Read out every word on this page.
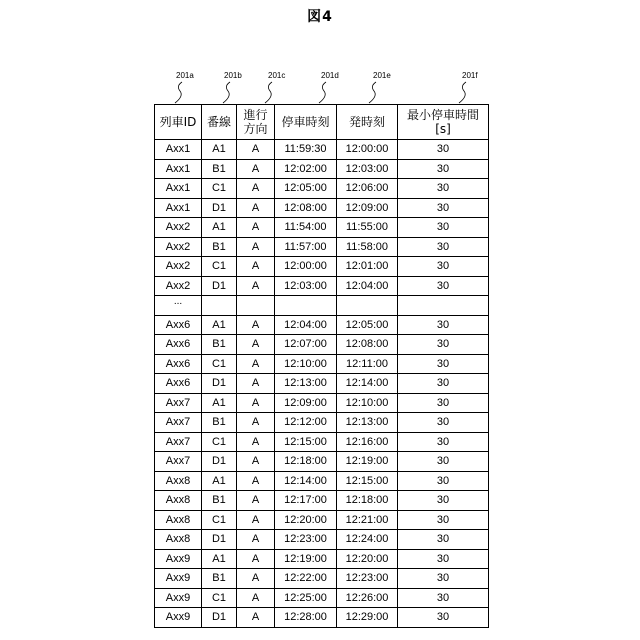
図4
201a	201b	201c	201d	201e	201f
列車ID	番線	進行方向	停車時刻	発時刻	最小停車時間[s]
Axx1	A1	A	11:59:30	12:00:00	30
Axx1	B1	A	12:02:00	12:03:00	30
Axx1	C1	A	12:05:00	12:06:00	30
Axx1	D1	A	12:08:00	12:09:00	30
Axx2	A1	A	11:54:00	11:55:00	30
Axx2	B1	A	11:57:00	11:58:00	30
Axx2	C1	A	12:00:00	12:01:00	30
Axx2	D1	A	12:03:00	12:04:00	30
...					
Axx6	A1	A	12:04:00	12:05:00	30
Axx6	B1	A	12:07:00	12:08:00	30
Axx6	C1	A	12:10:00	12:11:00	30
Axx6	D1	A	12:13:00	12:14:00	30
Axx7	A1	A	12:09:00	12:10:00	30
Axx7	B1	A	12:12:00	12:13:00	30
Axx7	C1	A	12:15:00	12:16:00	30
Axx7	D1	A	12:18:00	12:19:00	30
Axx8	A1	A	12:14:00	12:15:00	30
Axx8	B1	A	12:17:00	12:18:00	30
Axx8	C1	A	12:20:00	12:21:00	30
Axx8	D1	A	12:23:00	12:24:00	30
Axx9	A1	A	12:19:00	12:20:00	30
Axx9	B1	A	12:22:00	12:23:00	30
Axx9	C1	A	12:25:00	12:26:00	30
Axx9	D1	A	12:28:00	12:29:00	30
